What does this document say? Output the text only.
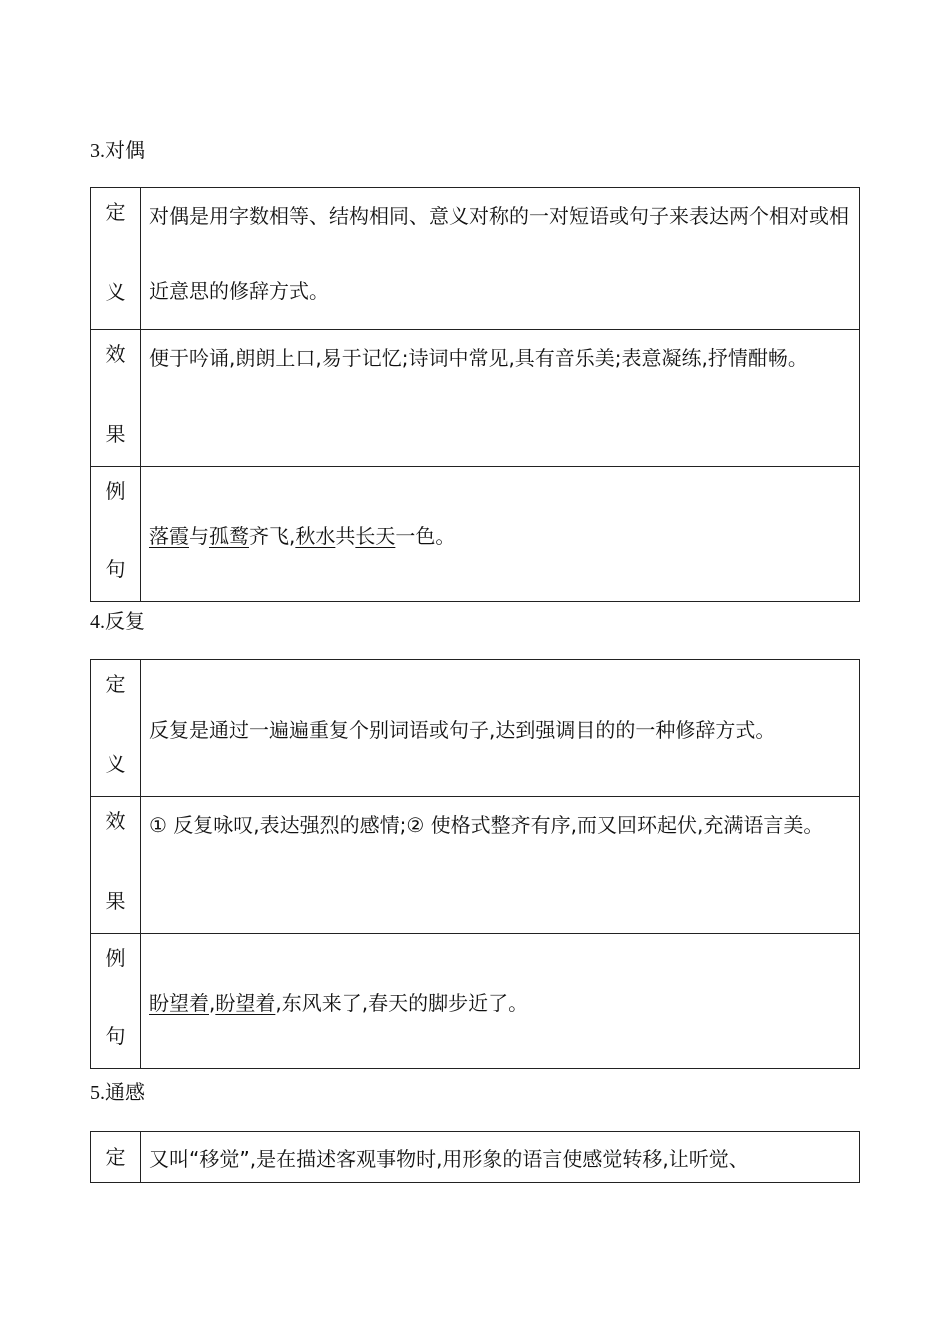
3.对偶
定
义	对偶是用字数相等、结构相同、意义对称的一对短语或句子来表达两个相对或相近意思的修辞方式。

效
果	便于吟诵,朗朗上口,易于记忆;诗词中常见,具有音乐美;表意凝练,抒情酣畅。

例
句	落霞与孤鹜齐飞,秋水共长天一色。
4.反复
定
义	反复是通过一遍遍重复个别词语或句子,达到强调目的的一种修辞方式。

效
果	① 反复咏叹,表达强烈的感情;② 使格式整齐有序,而又回环起伏,充满语言美。

例
句	盼望着,盼望着,东风来了,春天的脚步近了。
5.通感
定	又叫“移觉”,是在描述客观事物时,用形象的语言使感觉转移,让听觉、
